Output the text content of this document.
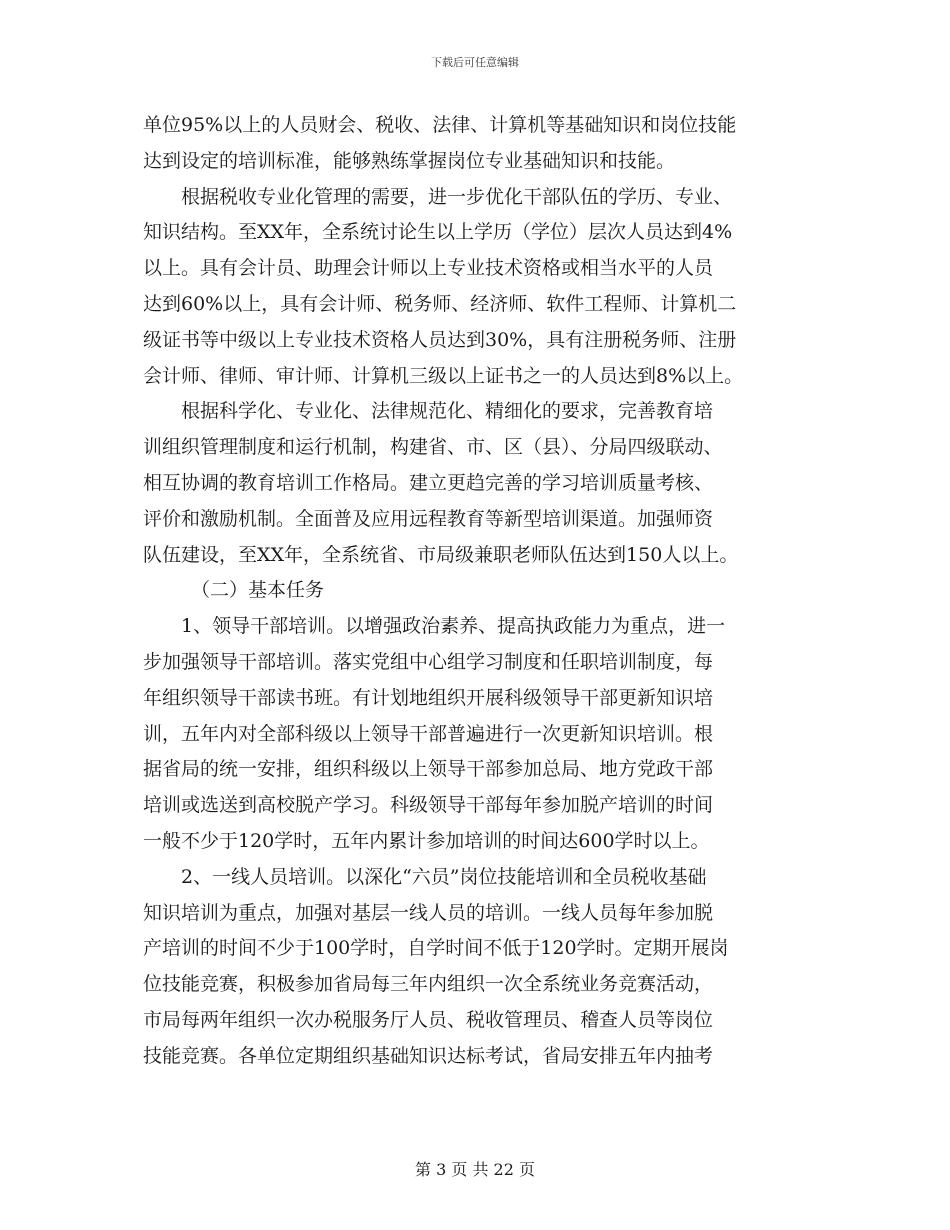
下载后可任意编辑
单位95%以上的人员财会、税收、法律、计算机等基础知识和岗位技能
达到设定的培训标准，能够熟练掌握岗位专业基础知识和技能。
根据税收专业化管理的需要，进一步优化干部队伍的学历、专业、
知识结构。至XX年，全系统讨论生以上学历（学位）层次人员达到4%
以上。具有会计员、助理会计师以上专业技术资格或相当水平的人员
达到60%以上，具有会计师、税务师、经济师、软件工程师、计算机二
级证书等中级以上专业技术资格人员达到30%，具有注册税务师、注册
会计师、律师、审计师、计算机三级以上证书之一的人员达到8%以上。
根据科学化、专业化、法律规范化、精细化的要求，完善教育培
训组织管理制度和运行机制，构建省、市、区（县）、分局四级联动、
相互协调的教育培训工作格局。建立更趋完善的学习培训质量考核、
评价和激励机制。全面普及应用远程教育等新型培训渠道。加强师资
队伍建设，至XX年，全系统省、市局级兼职老师队伍达到150人以上。
（二）基本任务
1、领导干部培训。以增强政治素养、提高执政能力为重点，进一
步加强领导干部培训。落实党组中心组学习制度和任职培训制度，每
年组织领导干部读书班。有计划地组织开展科级领导干部更新知识培
训，五年内对全部科级以上领导干部普遍进行一次更新知识培训。根
据省局的统一安排，组织科级以上领导干部参加总局、地方党政干部
培训或选送到高校脱产学习。科级领导干部每年参加脱产培训的时间
一般不少于120学时，五年内累计参加培训的时间达600学时以上。
2、一线人员培训。以深化“六员”岗位技能培训和全员税收基础
知识培训为重点，加强对基层一线人员的培训。一线人员每年参加脱
产培训的时间不少于100学时，自学时间不低于120学时。定期开展岗
位技能竞赛，积极参加省局每三年内组织一次全系统业务竞赛活动，
市局每两年组织一次办税服务厅人员、税收管理员、稽查人员等岗位
技能竞赛。各单位定期组织基础知识达标考试，省局安排五年内抽考
第 3 页 共 22 页
